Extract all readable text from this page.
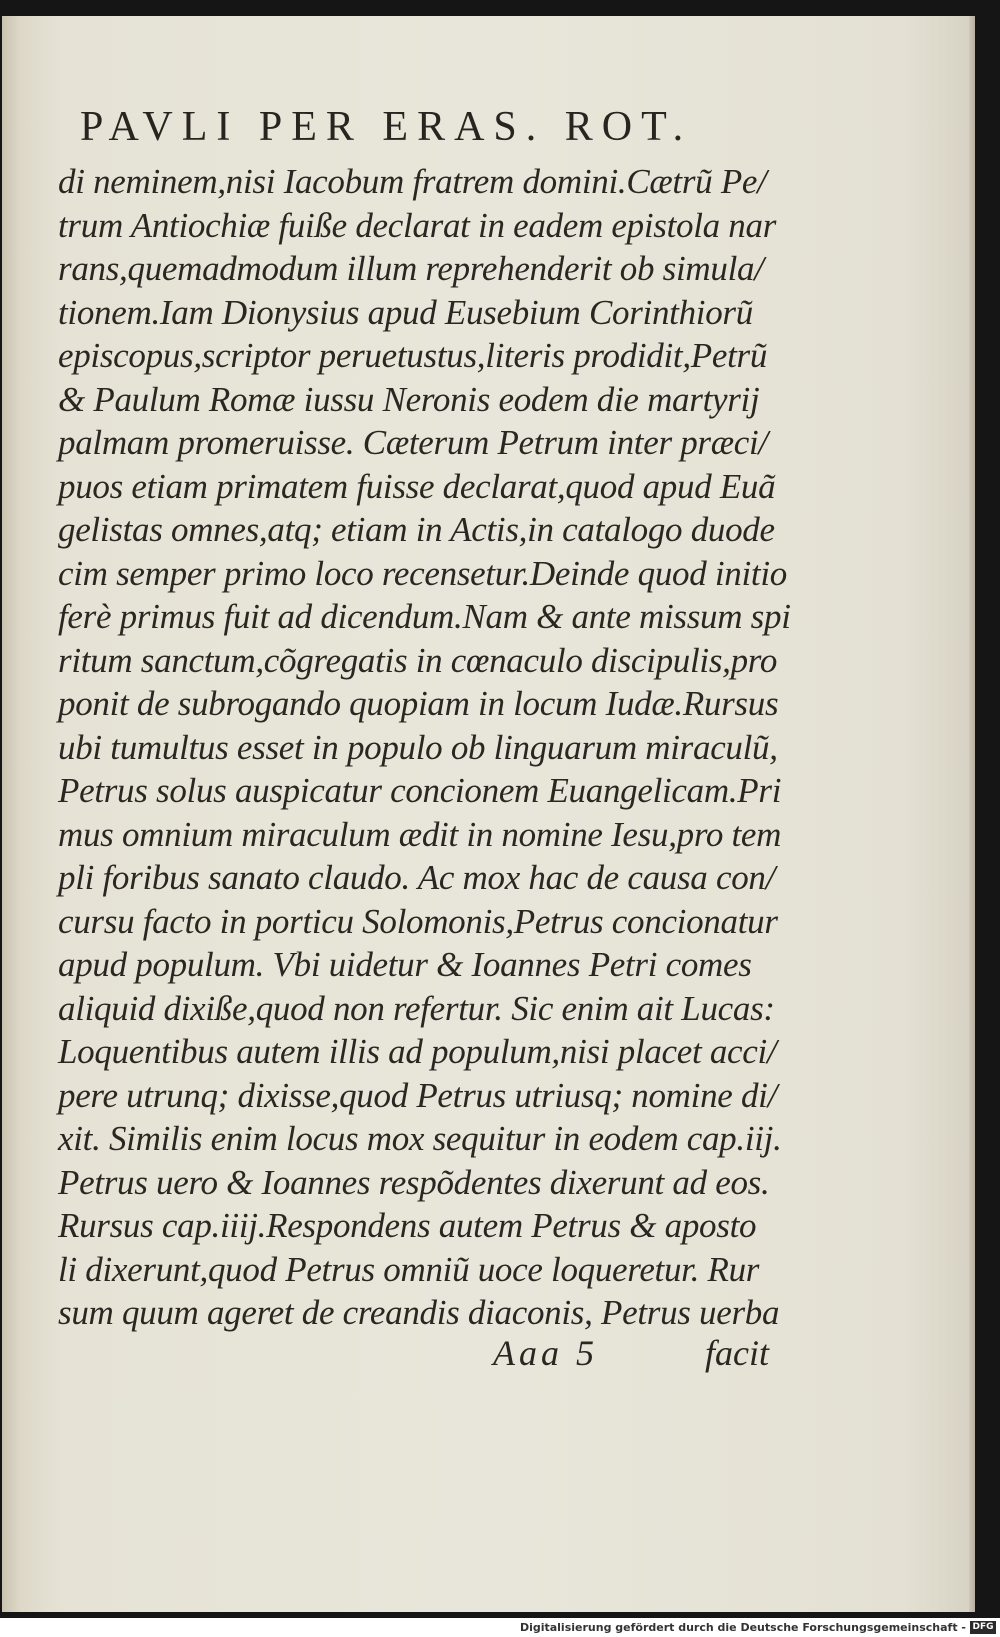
PAVLI PER ERAS. ROT.
di neminem,nisi Iacobum fratrem domini.Cætrũ Pe/
trum Antiochiæ fuiße declarat in eadem epistola nar
rans,quemadmodum illum reprehenderit ob simula/
tionem.Iam Dionysius apud Eusebium Corinthiorũ
episcopus,scriptor peruetustus,literis prodidit,Petrũ
& Paulum Romæ iussu Neronis eodem die martyrij
palmam promeruisse. Cæterum Petrum inter præci/
puos etiam primatem fuisse declarat,quod apud Euã
gelistas omnes,atq; etiam in Actis,in catalogo duode
cim semper primo loco recensetur.Deinde quod initio
ferè primus fuit ad dicendum.Nam & ante missum spi
ritum sanctum,cõgregatis in cœnaculo discipulis,pro
ponit de subrogando quopiam in locum Iudæ.Rursus
ubi tumultus esset in populo ob linguarum miraculũ,
Petrus solus auspicatur concionem Euangelicam.Pri
mus omnium miraculum ædit in nomine Iesu,pro tem
pli foribus sanato claudo. Ac mox hac de causa con/
cursu facto in porticu Solomonis,Petrus concionatur
apud populum. Vbi uidetur & Ioannes Petri comes
aliquid dixiße,quod non refertur. Sic enim ait Lucas:
Loquentibus autem illis ad populum,nisi placet acci/
pere utrunq; dixisse,quod Petrus utriusq; nomine di/
xit. Similis enim locus mox sequitur in eodem cap.iij.
Petrus uero & Ioannes respõdentes dixerunt ad eos.
Rursus cap.iiij.Respondens autem Petrus & aposto
li dixerunt,quod Petrus omniũ uoce loqueretur. Rur
sum quum ageret de creandis diaconis, Petrus uerba
Aaa 5	facit
Digitalisierung gefördert durch die Deutsche Forschungsgemeinschaft - DFG
